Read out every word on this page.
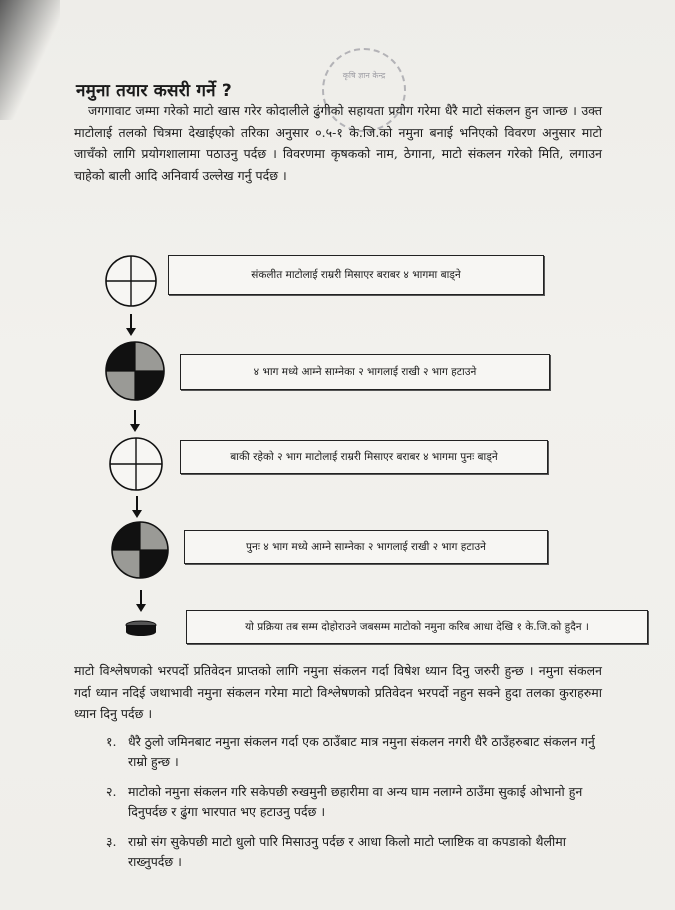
नमुना तयार कसरी गर्ने ?
कृषि ज्ञान केन्द्र
जगगावाट जम्मा गरेको माटो खास गरेर कोदालीले ढुंगीको सहायता प्रयोग गरेमा धैरै माटो संकलन हुन जान्छ । उक्त माटोलाई तलको चित्रमा देखाईएको तरिका अनुसार ०.५-१ के.जि.को नमुना बनाई भनिएको विवरण अनुसार माटो जाचँको लागि प्रयोगशालामा पठाउनु पर्दछ । विवरणमा कृषकको नाम, ठेगाना, माटो संकलन गरेको मिति, लगाउन चाहेको बाली आदि अनिवार्य उल्लेख गर्नु पर्दछ ।
संकलीत माटोलाई राम्ररी मिसाएर बराबर ४ भागमा बाड्ने
४ भाग मध्ये आम्ने साम्नेका २ भागलाई राखी २ भाग हटाउने
बाकी रहेको २ भाग माटोलाई राम्ररी मिसाएर बराबर ४ भागमा पुनः बाड्ने
पुनः ४ भाग मध्ये आम्ने साम्नेका २ भागलाई राखी २ भाग हटाउने
यो प्रक्रिया तब सम्म दोहोराउने जबसम्म माटोको नमुना करिब आधा देखि १ के.जि.को हुदैन ।
माटो विश्लेषणको भरपर्दो प्रतिवेदन प्राप्तको लागि नमुना संकलन गर्दा विषेश ध्यान दिनु जरुरी हुन्छ । नमुना संकलन गर्दा ध्यान नदिई जथाभावी नमुना संकलन गरेमा माटो विश्लेषणको प्रतिवेदन भरपर्दो नहुन सक्ने हुदा तलका कुराहरुमा ध्यान दिनु पर्दछ ।
१. धैरै ठुलो जमिनबाट नमुना संकलन गर्दा एक ठाउँबाट मात्र नमुना संकलन नगरी धैरै ठाउँहरुबाट संकलन गर्नु राम्रो हुन्छ ।
२. माटोको नमुना संकलन गरि सकेपछी रुखमुनी छहारीमा वा अन्य घाम नलाग्ने ठाउँमा सुकाई ओभानो हुन दिनुपर्दछ र ढुंगा भारपात भए हटाउनु पर्दछ ।
३. राम्रो संग सुकेपछी माटो धुलो पारि मिसाउनु पर्दछ र आधा किलो माटो प्लाष्टिक वा कपडाको थैलीमा राख्नुपर्दछ ।
